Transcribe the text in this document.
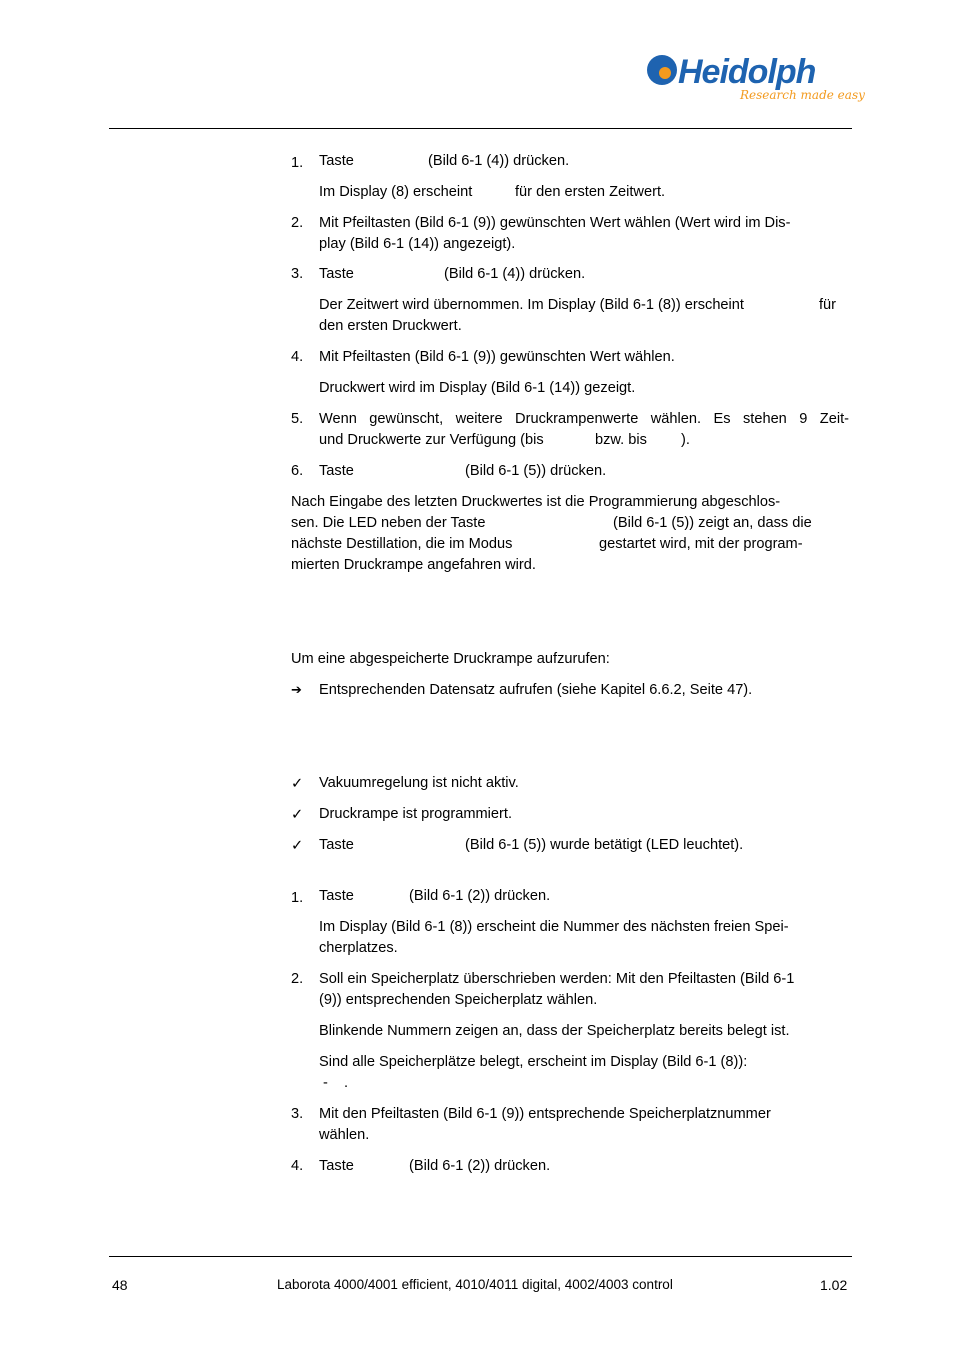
Heidolph
Research made easy
1. Taste	(Bild 6-1 (4)) drücken.
Im Display (8) erscheint	für den ersten Zeitwert.
2. Mit Pfeiltasten (Bild 6-1 (9)) gewünschten Wert wählen (Wert wird im Dis-
play (Bild 6-1 (14)) angezeigt).
3. Taste	(Bild 6-1 (4)) drücken.
Der Zeitwert wird übernommen. Im Display (Bild 6-1 (8)) erscheint	für
den ersten Druckwert.
4. Mit Pfeiltasten (Bild 6-1 (9)) gewünschten Wert wählen.
Druckwert wird im Display (Bild 6-1 (14)) gezeigt.
5. Wenn gewünscht, weitere Druckrampenwerte wählen. Es stehen 9 Zeit-
und Druckwerte zur Verfügung (bis	bzw. bis ).
6. Taste	(Bild 6-1 (5)) drücken.
Nach Eingabe des letzten Druckwertes ist die Programmierung abgeschlos-
sen. Die LED neben der Taste	(Bild 6-1 (5)) zeigt an, dass die
nächste Destillation, die im Modus	gestartet wird, mit der program-
mierten Druckrampe angefahren wird.
Um eine abgespeicherte Druckrampe aufzurufen:
➔ Entsprechenden Datensatz aufrufen (siehe Kapitel 6.6.2, Seite 47).
✓ Vakuumregelung ist nicht aktiv.
✓ Druckrampe ist programmiert.
✓ Taste	(Bild 6-1 (5)) wurde betätigt (LED leuchtet).
1. Taste	(Bild 6-1 (2)) drücken.
Im Display (Bild 6-1 (8)) erscheint die Nummer des nächsten freien Spei-
cherplatzes.
2. Soll ein Speicherplatz überschrieben werden: Mit den Pfeiltasten (Bild 6-1
(9)) entsprechenden Speicherplatz wählen.
Blinkende Nummern zeigen an, dass der Speicherplatz bereits belegt ist.
Sind alle Speicherplätze belegt, erscheint im Display (Bild 6-1 (8)):
- .
3. Mit den Pfeiltasten (Bild 6-1 (9)) entsprechende Speicherplatznummer
wählen.
4. Taste	(Bild 6-1 (2)) drücken.
48	Laborota 4000/4001 efficient, 4010/4011 digital, 4002/4003 control	1.02
